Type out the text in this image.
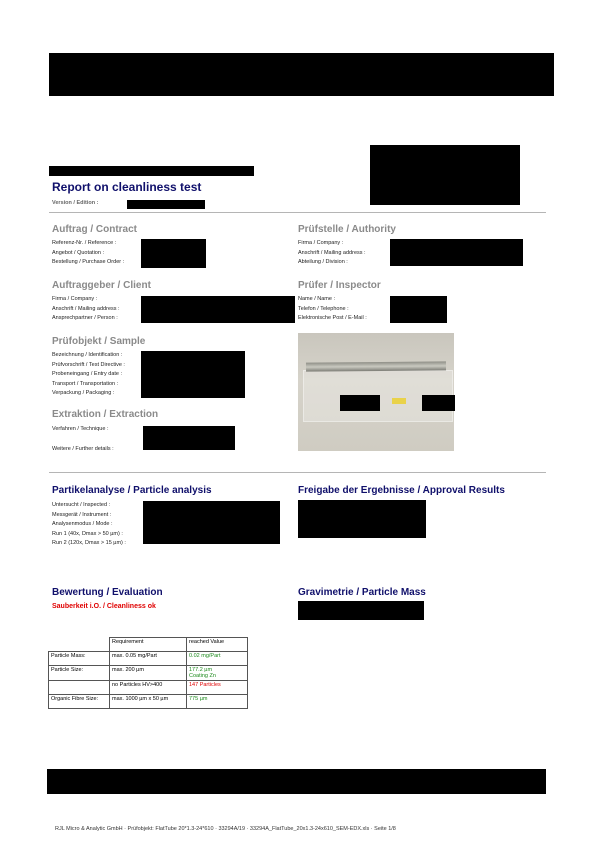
Report on cleanliness test
Version / Edition :
Auftrag / Contract
Referenz-Nr. / Reference :
Angebot / Quotation :
Bestellung / Purchase Order :
Prüfstelle / Authority
Firma / Company :
Anschrift / Mailing address :
Abteilung / Division :
Auftraggeber / Client
Firma / Company :
Anschrift / Mailing address :
Ansprechpartner / Person :
Prüfer / Inspector
Name / Name :
Telefon / Telephone :
Elektronische Post / E-Mail :
Prüfobjekt / Sample
Bezeichnung / Identification :
Prüfvorschrift / Test Directive :
Probeneingang / Entry date :
Transport / Transportation :
Verpackung / Packaging :
Extraktion / Extraction
Verfahren / Technique :
Weitere / Further details :
Partikelanalyse / Particle analysis
Untersucht / Inspected :
Messgerät / Instrument :
Analysenmodus / Mode :
Run 1 (40x, Dmax > 50 µm) :
Run 2 (120x, Dmax > 15 µm) :
Freigabe der Ergebnisse / Approval Results
Bewertung / Evaluation
Sauberkeit i.O. / Cleanliness ok
Gravimetrie / Particle Mass
	Requirement	reached Value
Particle Mass:	max. 0.05 mg/Part	0.02 mg/Part
Particle Size:	max. 200 µm	177.2 µm
Coating Zn

	no Particles HV>400	147 Particles
Organic Fibre Size:	max. 1000 µm x 50 µm	775 µm
RJL Micro & Analytic GmbH · Prüfobjekt: FlatTube 20*1.3-24*610 · 33294A/19 · 33294A_FlatTube_20x1.3-24x610_SEM-EDX.xls · Seite 1/8
